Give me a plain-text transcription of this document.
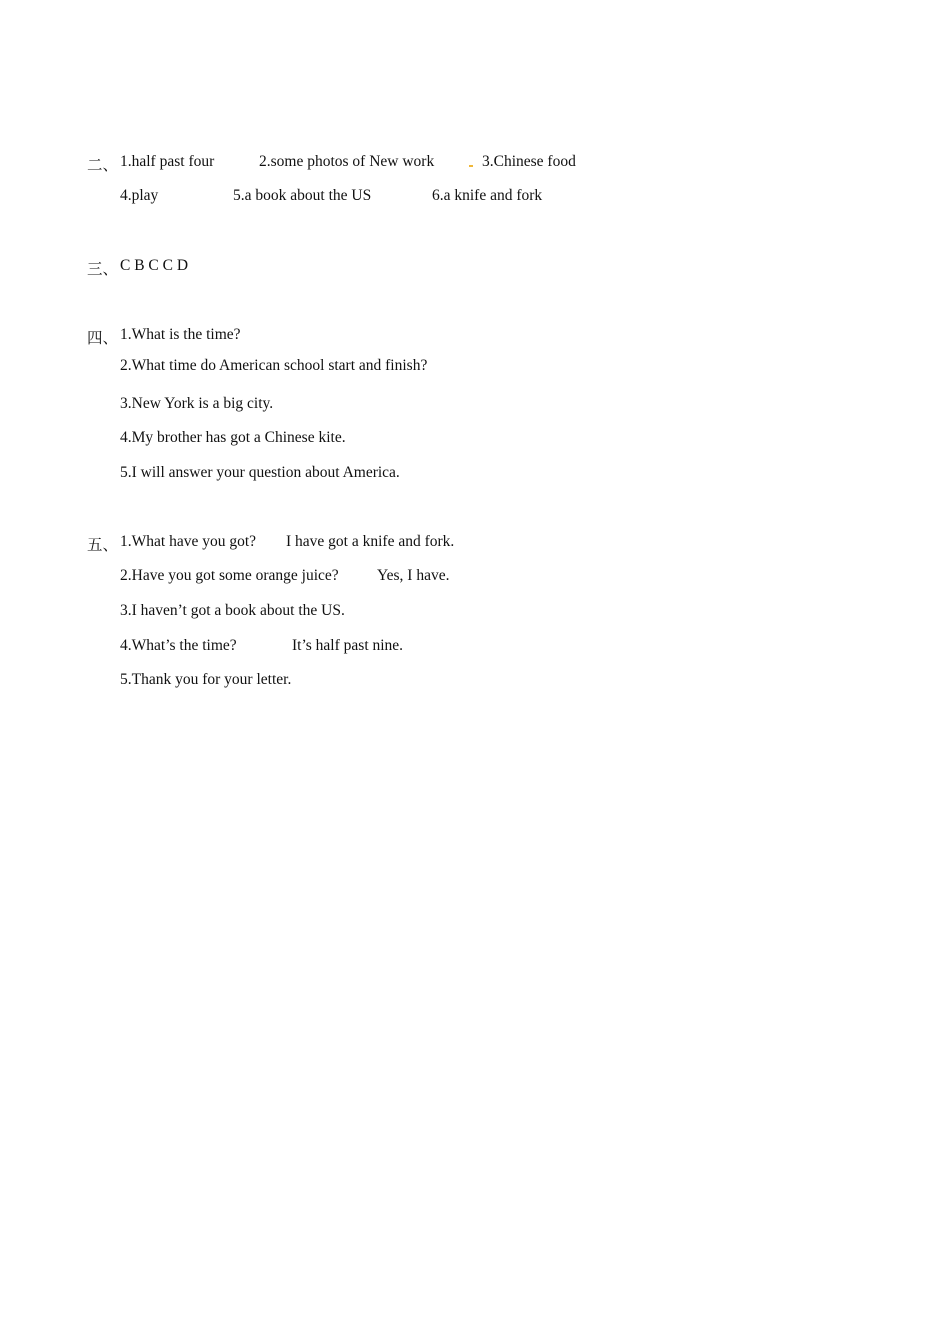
二、 1.half past four	2.some photos of New work	3.Chinese food
4.play	5.a book about the US	6.a knife and fork
三、 C B C C D
四、 1.What is the time?
2.What time do American school start and finish?
3.New York is a big city.
4.My brother has got a Chinese kite.
5.I will answer your question about America.
五、 1.What have you got? I have got a knife and fork.
2.Have you got some orange juice? Yes, I have.
3.I haven’t got a book about the US.
4.What’s the time?	It’s half past nine.
5.Thank you for your letter.
